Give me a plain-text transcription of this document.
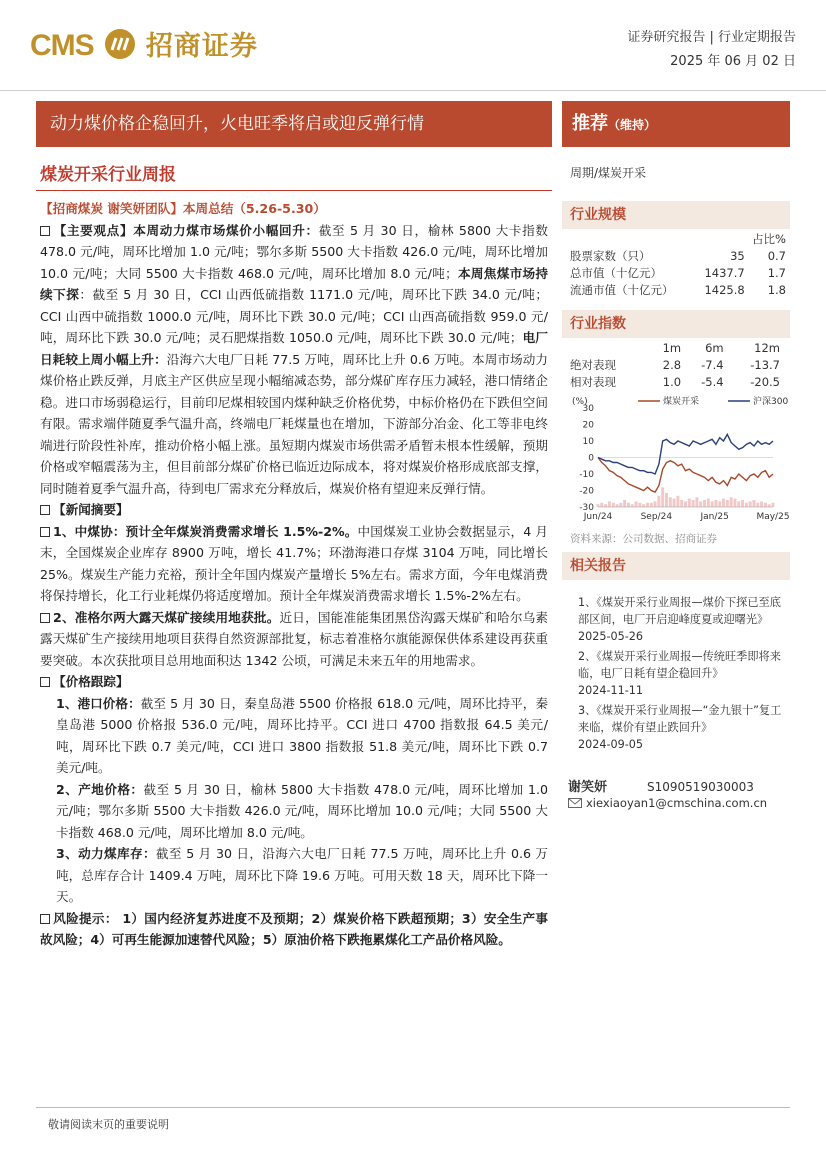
CMS 招商证券	证券研究报告 | 行业定期报告
2025 年 06 月 02 日
动力煤价格企稳回升，火电旺季将启或迎反弹行情	推荐（维持）
煤炭开采行业周报	周期/煤炭开采

【招商煤炭 谢笑妍团队】本周总结（5.26-5.30）

【主要观点】本周动力煤市场煤价小幅回升：截至 5 月 30 日，榆林 5800 大卡指数 478.0 元/吨，周环比增加 1.0 元/吨；鄂尔多斯 5500 大卡指数 426.0 元/吨，周环比增加 10.0 元/吨；大同 5500 大卡指数 468.0 元/吨，周环比增加 8.0 元/吨；本周焦煤市场持续下探：截至 5 月 30 日，CCI 山西低硫指数 1171.0 元/吨，周环比下跌 34.0 元/吨；CCI 山西中硫指数 1000.0 元/吨，周环比下跌 30.0 元/吨；CCI 山西高硫指数 959.0 元/吨，周环比下跌 30.0 元/吨；灵石肥煤指数 1050.0 元/吨，周环比下跌 30.0 元/吨；电厂日耗较上周小幅上升：沿海六大电厂日耗 77.5 万吨，周环比上升 0.6 万吨。本周市场动力煤价格止跌反弹，月底主产区供应呈现小幅缩减态势，部分煤矿库存压力减轻，港口情绪企稳。进口市场弱稳运行，目前印尼煤相较国内煤种缺乏价格优势，中标价格仍在下跌但空间有限。需求端伴随夏季气温升高，终端电厂耗煤量也在增加，下游部分冶金、化工等非电终端进行阶段性补库，推动价格小幅上涨。虽短期内煤炭市场供需矛盾暂未根本性缓解，预期价格或窄幅震荡为主，但目前部分煤矿价格已临近边际成本，将对煤炭价格形成底部支撑，同时随着夏季气温升高，待到电厂需求充分释放后，煤炭价格有望迎来反弹行情。

【新闻摘要】

1、中煤协：预计全年煤炭消费需求增长 1.5%-2%。中国煤炭工业协会数据显示，4 月末，全国煤炭企业库存 8900 万吨，增长 41.7%；环渤海港口存煤 3104 万吨，同比增长 25%。煤炭生产能力充裕，预计全年国内煤炭产量增长 5%左右。需求方面，今年电煤消费将保持增长，化工行业耗煤仍将适度增加。预计全年煤炭消费需求增长 1.5%-2%左右。

2、准格尔两大露天煤矿接续用地获批。近日，国能准能集团黑岱沟露天煤矿和哈尔乌素露天煤矿生产接续用地项目获得自然资源部批复，标志着准格尔旗能源保供体系建设再获重要突破。本次获批项目总用地面积达 1342 公顷，可满足未来五年的用地需求。

【价格跟踪】

1、港口价格：截至 5 月 30 日，秦皇岛港 5500 价格报 618.0 元/吨，周环比持平，秦皇岛港 5000 价格报 536.0 元/吨，周环比持平。CCI 进口 4700 指数报 64.5 美元/吨，周环比下跌 0.7 美元/吨，CCI 进口 3800 指数报 51.8 美元/吨，周环比下跌 0.7 美元/吨。

2、产地价格：截至 5 月 30 日，榆林 5800 大卡指数 478.0 元/吨，周环比增加 1.0 元/吨；鄂尔多斯 5500 大卡指数 426.0 元/吨，周环比增加 10.0 元/吨；大同 5500 大卡指数 468.0 元/吨，周环比增加 8.0 元/吨。

3、动力煤库存：截至 5 月 30 日，沿海六大电厂日耗 77.5 万吨，周环比上升 0.6 万吨，总库存合计 1409.4 万吨，周环比下降 19.6 万吨。可用天数 18 天，周环比下降一天。

风险提示： 1）国内经济复苏进度不及预期；2）煤炭价格下跌超预期；3）安全生产事故风险；4）可再生能源加速替代风险；5）原油价格下跌拖累煤化工产品价格风险。

行业规模
		占比%
股票家数（只）	35	0.7
总市值（十亿元）	1437.7	1.7
流通市值（十亿元）	1425.8	1.8
行业指数
	1m	6m	12m
绝对表现	2.8	-7.4	-13.7
相对表现	1.0	-5.4	-20.5
(%)
30
20
10
0
-10
-20
-30
Jun/24	Sep/24	Jan/25	May/25
煤炭开采	沪深300
资料来源：公司数据、招商证券
相关报告
1、《煤炭开采行业周报—煤价下探已至底部区间，电厂开启迎峰度夏或迎曙光》
2025-05-26
2、《煤炭开采行业周报—传统旺季即将来临，电厂日耗有望企稳回升》
2024-11-11
3、《煤炭开采行业周报—“金九银十”复工来临，煤价有望止跌回升》
2024-09-05
谢笑妍	S1090519030003
xiexiaoyan1@cmschina.com.cn
敬请阅读末页的重要说明
